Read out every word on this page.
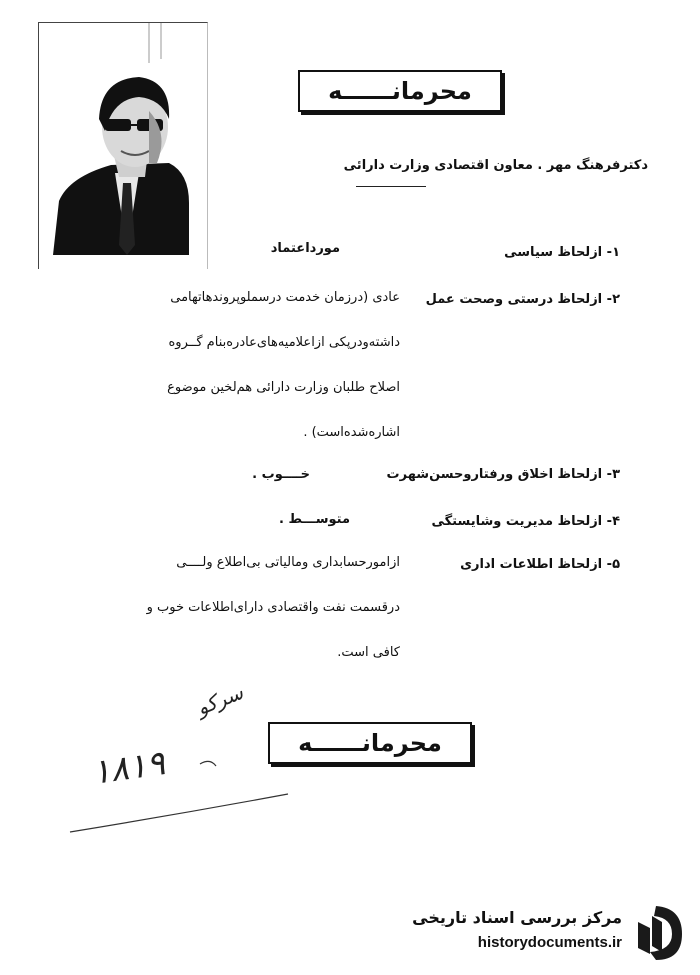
محرمانــــــه
دکترفرهنگ مهر . معاون اقتصادی وزارت دارائی
۱- ازلحاظ سیاسی
مورداعتماد
۲- ازلحاظ درستی وصحت عمل
عادی (درزمان خدمت درسملوپروندهاتهامی
داشته‌ودرپکی ازاعلامیه‌های‌عادره‌بنام گــروه
اصلاح طلبان وزارت دارائی هم‌لخین موضوع
اشاره‌شده‌است) .
۳- ازلحاظ اخلاق ورفتاروحسن‌شهرت
خــــوب .
۴- ازلحاظ مدیریت وشایستگی
متوســـط .
۵- ازلحاظ اطلاعات اداری
ازامورحسابداری ومالیاتی بی‌اطلاع ولــــی
درقسمت نفت واقتصادی دارای‌اطلاعات خوب و
کافی است.
سرکو
۱۸۱۹
محرمانــــــه
مرکز بررسی اسناد تاریخی
historydocuments.ir
